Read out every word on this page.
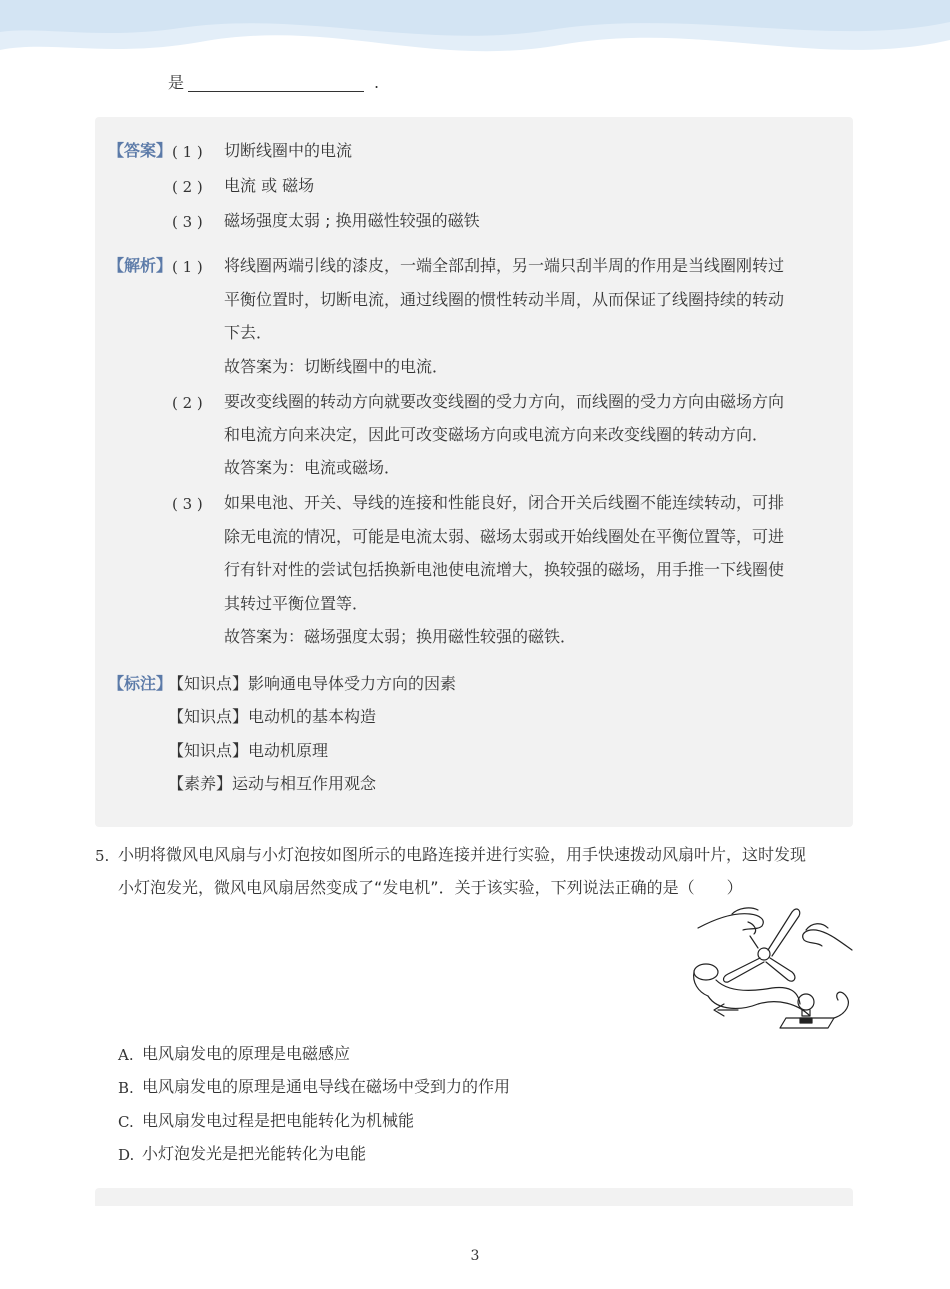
是	.
【答案】 ( 1 ) 切断线圈中的电流
( 2 ) 电流 或 磁场
( 3 ) 磁场强度太弱 ; 换用磁性较强的磁铁
【解析】 ( 1 ) 将线圈两端引线的漆皮，一端全部刮掉，另一端只刮半周的作用是当线圈刚转过
平衡位置时，切断电流，通过线圈的惯性转动半周，从而保证了线圈持续的转动
下去．
故答案为：切断线圈中的电流．
( 2 ) 要改变线圈的转动方向就要改变线圈的受力方向，而线圈的受力方向由磁场方向
和电流方向来决定，因此可改变磁场方向或电流方向来改变线圈的转动方向．
故答案为：电流或磁场．
( 3 ) 如果电池、开关、导线的连接和性能良好，闭合开关后线圈不能连续转动，可排
除无电流的情况，可能是电流太弱、磁场太弱或开始线圈处在平衡位置等，可进
行有针对性的尝试包括换新电池使电流增大，换较强的磁场，用手推一下线圈使
其转过平衡位置等．
故答案为：磁场强度太弱；换用磁性较强的磁铁．
【标注】
【知识点】影响通电导体受力方向的因素
【知识点】电动机的基本构造
【知识点】电动机原理
【素养】运动与相互作用观念
5. 小明将微风电风扇与小灯泡按如图所示的电路连接并进行实验，用手快速拨动风扇叶片，这时发现
小灯泡发光，微风电风扇居然变成了“发电机”．关于该实验，下列说法正确的是（　　）
A. 电风扇发电的原理是电磁感应
B. 电风扇发电的原理是通电导线在磁场中受到力的作用
C. 电风扇发电过程是把电能转化为机械能
D. 小灯泡发光是把光能转化为电能
3
